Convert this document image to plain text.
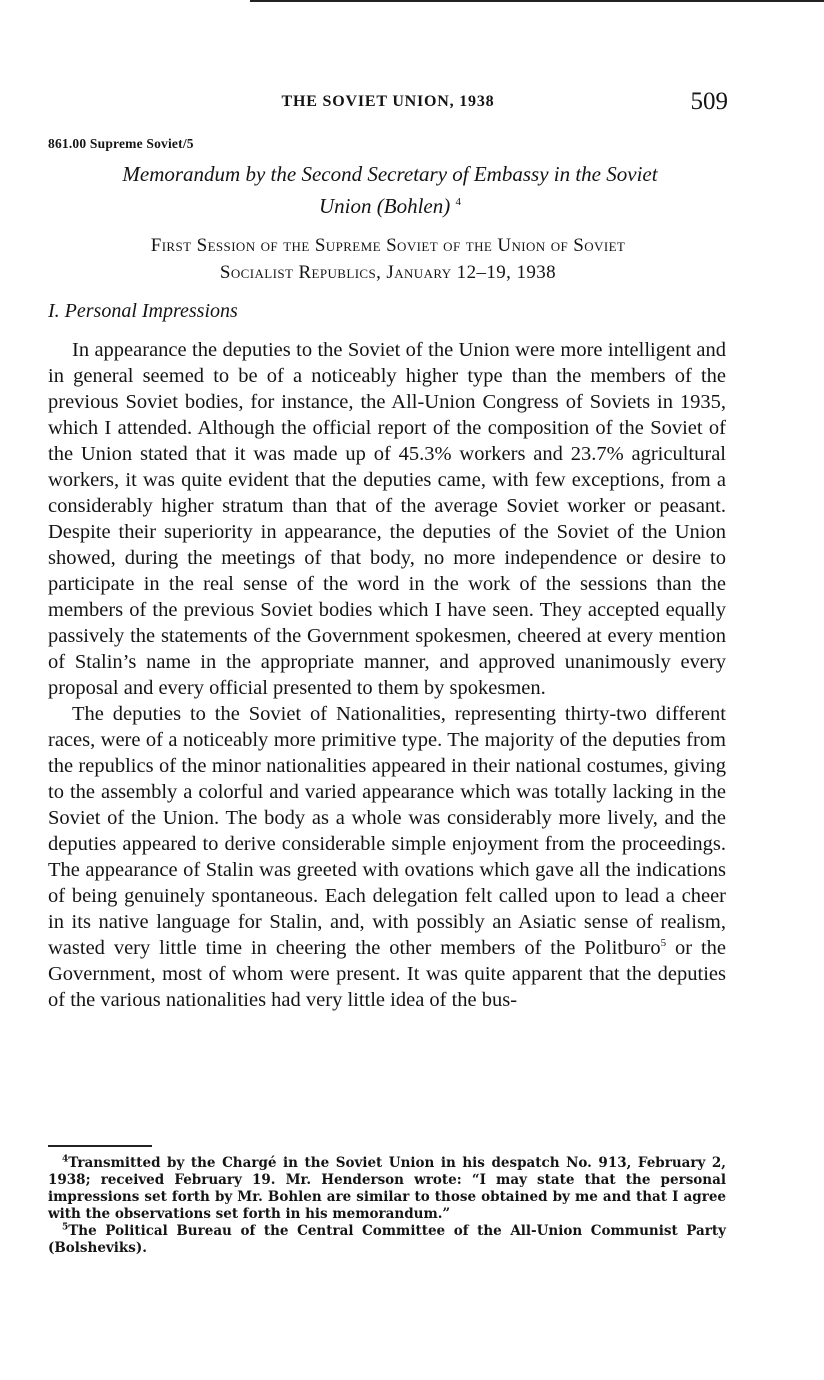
THE SOVIET UNION, 1938	509
861.00 Supreme Soviet/5
Memorandum by the Second Secretary of Embassy in the Soviet
Union (Bohlen) $^4$
First Session of the Supreme Soviet of the Union of Soviet
Socialist Republics, January 12–19, 1938
I. Personal Impressions

In appearance the deputies to the Soviet of the Union were more intelligent and in general seemed to be of a noticeably higher type than the members of the previous Soviet bodies, for instance, the All-Union Congress of Soviets in 1935, which I attended. Although the official report of the composition of the Soviet of the Union stated that it was made up of 45.3% workers and 23.7% agricultural workers, it was quite evident that the deputies came, with few exceptions, from a considerably higher stratum than that of the average Soviet worker or peasant. Despite their superiority in appearance, the deputies of the Soviet of the Union showed, during the meetings of that body, no more independence or desire to participate in the real sense of the word in the work of the sessions than the members of the previous Soviet bodies which I have seen. They accepted equally passively the statements of the Government spokesmen, cheered at every mention of Stalin’s name in the appropriate manner, and approved unanimously every proposal and every official presented to them by spokesmen.

The deputies to the Soviet of Nationalities, representing thirty-two different races, were of a noticeably more primitive type. The majority of the deputies from the republics of the minor nationalities appeared in their national costumes, giving to the assembly a colorful and varied appearance which was totally lacking in the Soviet of the Union. The body as a whole was considerably more lively, and the deputies appeared to derive considerable simple enjoyment from the proceedings. The appearance of Stalin was greeted with ovations which gave all the indications of being genuinely spontaneous. Each delegation felt called upon to lead a cheer in its native language for Stalin, and, with possibly an Asiatic sense of realism, wasted very little time in cheering the other members of the Politburo$^5$ or the Government, most of whom were present. It was quite apparent that the deputies of the various nationalities had very little idea of the bus-

$^4$Transmitted by the Chargé in the Soviet Union in his despatch No. 913, February 2, 1938; received February 19. Mr. Henderson wrote: “I may state that the personal impressions set forth by Mr. Bohlen are similar to those obtained by me and that I agree with the observations set forth in his memorandum.”

$^5$The Political Bureau of the Central Committee of the All-Union Communist Party (Bolsheviks).
